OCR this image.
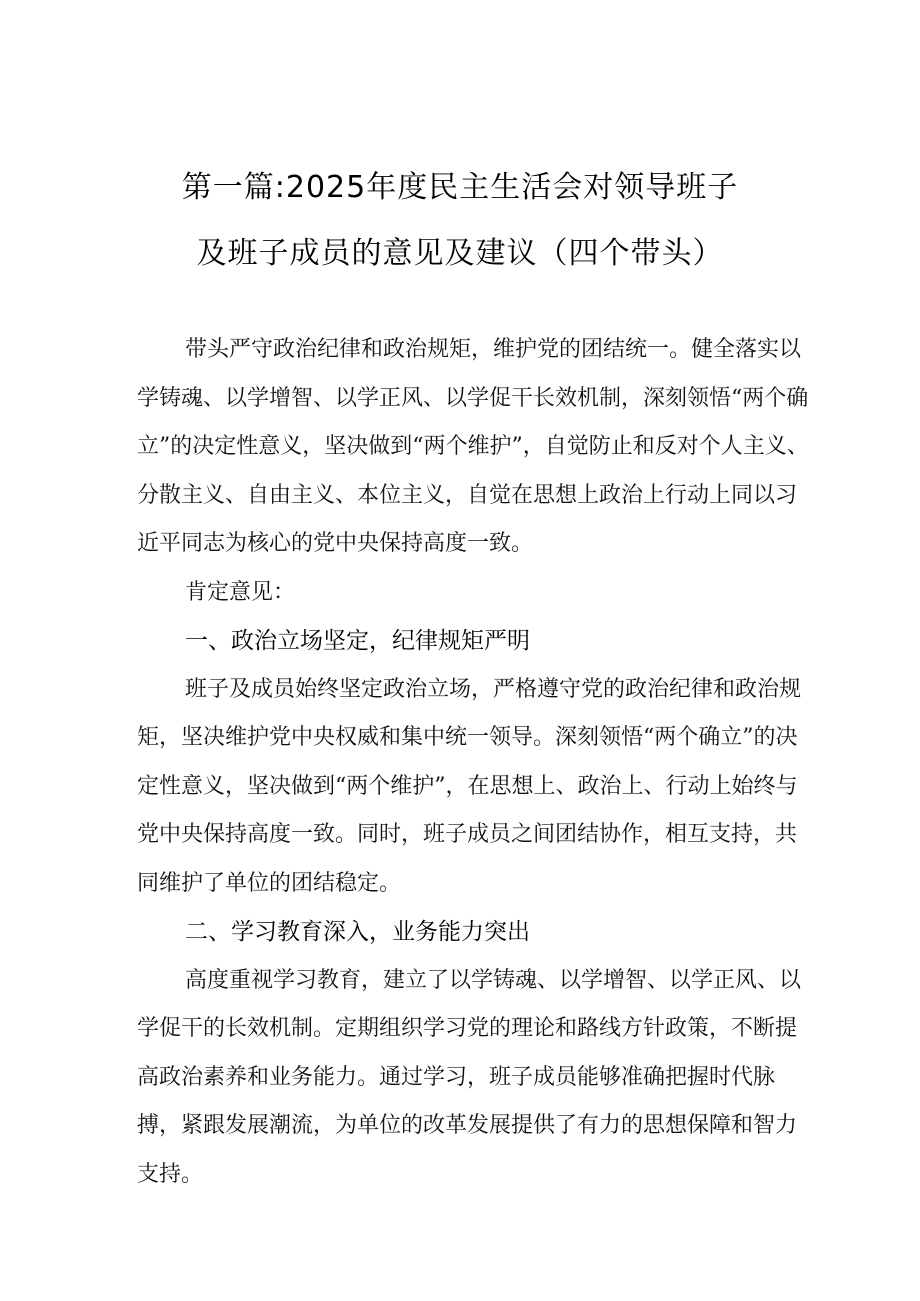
第一篇:2025年度民主生活会对领导班子
及班子成员的意见及建议（四个带头）

带头严守政治纪律和政治规矩，维护党的团结统一。健全落实以学铸魂、以学增智、以学正风、以学促干长效机制，深刻领悟“两个确立”的决定性意义，坚决做到“两个维护”，自觉防止和反对个人主义、分散主义、自由主义、本位主义，自觉在思想上政治上行动上同以习近平同志为核心的党中央保持高度一致。

肯定意见：

一、政治立场坚定，纪律规矩严明

班子及成员始终坚定政治立场，严格遵守党的政治纪律和政治规矩，坚决维护党中央权威和集中统一领导。深刻领悟“两个确立”的决定性意义，坚决做到“两个维护”，在思想上、政治上、行动上始终与党中央保持高度一致。同时，班子成员之间团结协作，相互支持，共同维护了单位的团结稳定。

二、学习教育深入，业务能力突出

高度重视学习教育，建立了以学铸魂、以学增智、以学正风、以学促干的长效机制。定期组织学习党的理论和路线方针政策，不断提高政治素养和业务能力。通过学习，班子成员能够准确把握时代脉搏，紧跟发展潮流，为单位的改革发展提供了有力的思想保障和智力支持。
